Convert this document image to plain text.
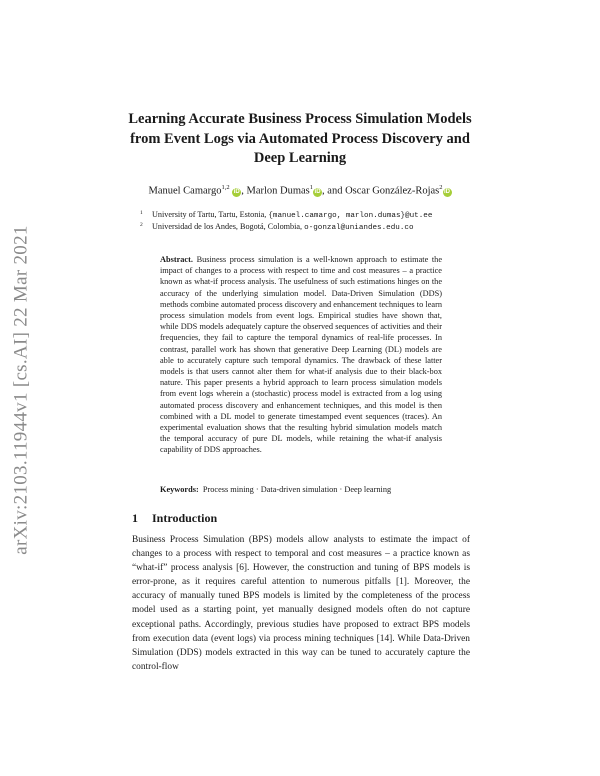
arXiv:2103.11944v1 [cs.AI] 22 Mar 2021
Learning Accurate Business Process Simulation Models from Event Logs via Automated Process Discovery and Deep Learning
Manuel Camargo$^{1,2}$ iD , Marlon Dumas$^1$iD , and Oscar González-Rojas$^2$iD
1 University of Tartu, Tartu, Estonia, {manuel.camargo, marlon.dumas}@ut.ee
2 Universidad de los Andes, Bogotá, Colombia, o-gonzal@uniandes.edu.co

Abstract. Business process simulation is a well-known approach to estimate the impact of changes to a process with respect to time and cost measures – a practice known as what-if process analysis. The usefulness of such estimations hinges on the accuracy of the underlying simulation model. Data-Driven Simulation (DDS) methods combine automated process discovery and enhancement techniques to learn process simulation models from event logs. Empirical studies have shown that, while DDS models adequately capture the observed sequences of activities and their frequencies, they fail to capture the temporal dynamics of real-life processes. In contrast, parallel work has shown that generative Deep Learning (DL) models are able to accurately capture such temporal dynamics. The drawback of these latter models is that users cannot alter them for what-if analysis due to their black-box nature. This paper presents a hybrid approach to learn process simulation models from event logs wherein a (stochastic) process model is extracted from a log using automated process discovery and enhancement techniques, and this model is then combined with a DL model to generate timestamped event sequences (traces). An experimental evaluation shows that the resulting hybrid simulation models match the temporal accuracy of pure DL models, while retaining the what-if analysis capability of DDS approaches.

Keywords: Process mining · Data-driven simulation · Deep learning
1 Introduction

Business Process Simulation (BPS) models allow analysts to estimate the impact of changes to a process with respect to temporal and cost measures – a practice known as “what-if” process analysis [6]. However, the construction and tuning of BPS models is error-prone, as it requires careful attention to numerous pitfalls [1]. Moreover, the accuracy of manually tuned BPS models is limited by the completeness of the process model used as a starting point, yet manually designed models often do not capture exceptional paths. Accordingly, previous studies have proposed to extract BPS models from execution data (event logs) via process mining techniques [14]. While Data-Driven Simulation (DDS) models extracted in this way can be tuned to accurately capture the control-flow
